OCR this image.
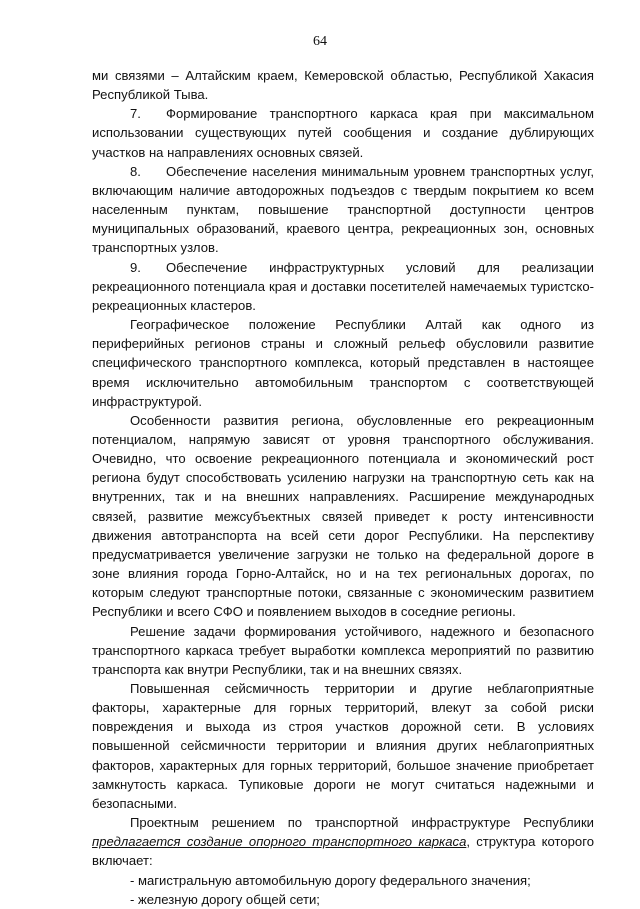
64

ми связями – Алтайским краем, Кемеровской областью, Республикой Хакасия Республикой Тыва.

7. Формирование транспортного каркаса края при максимальном использовании существующих путей сообщения и создание дублирующих участков на направлениях основных связей.

8. Обеспечение населения минимальным уровнем транспортных услуг, включающим наличие автодорожных подъездов с твердым покрытием ко всем населенным пунктам, повышение транспортной доступности центров муниципальных образований, краевого центра, рекреационных зон, основных транспортных узлов.

9. Обеспечение инфраструктурных условий для реализации рекреационного потенциала края и доставки посетителей намечаемых туристско-рекреационных кластеров.

Географическое положение Республики Алтай как одного из периферийных регионов страны и сложный рельеф обусловили развитие специфического транспортного комплекса, который представлен в настоящее время исключительно автомобильным транспортом с соответствующей инфраструктурой.

Особенности развития региона, обусловленные его рекреационным потенциалом, напрямую зависят от уровня транспортного обслуживания. Очевидно, что освоение рекреационного потенциала и экономический рост региона будут способствовать усилению нагрузки на транспортную сеть как на внутренних, так и на внешних направлениях. Расширение международных связей, развитие межсубъектных связей приведет к росту интенсивности движения автотранспорта на всей сети дорог Республики. На перспективу предусматривается увеличение загрузки не только на федеральной дороге в зоне влияния города Горно-Алтайск, но и на тех региональных дорогах, по которым следуют транспортные потоки, связанные с экономическим развитием Республики и всего СФО и появлением выходов в соседние регионы.

Решение задачи формирования устойчивого, надежного и безопасного транспортного каркаса требует выработки комплекса мероприятий по развитию транспорта как внутри Республики, так и на внешних связях.

Повышенная сейсмичность территории и другие неблагоприятные факторы, характерные для горных территорий, влекут за собой риски повреждения и выхода из строя участков дорожной сети. В условиях повышенной сейсмичности территории и влияния других неблагоприятных факторов, характерных для горных территорий, большое значение приобретает замкнутость каркаса. Тупиковые дороги не могут считаться надежными и безопасными.

Проектным решением по транспортной инфраструктуре Республики предлагается создание опорного транспортного каркаса, структура которого включает:

- магистральную автомобильную дорогу федерального значения;

- железную дорогу общей сети;
